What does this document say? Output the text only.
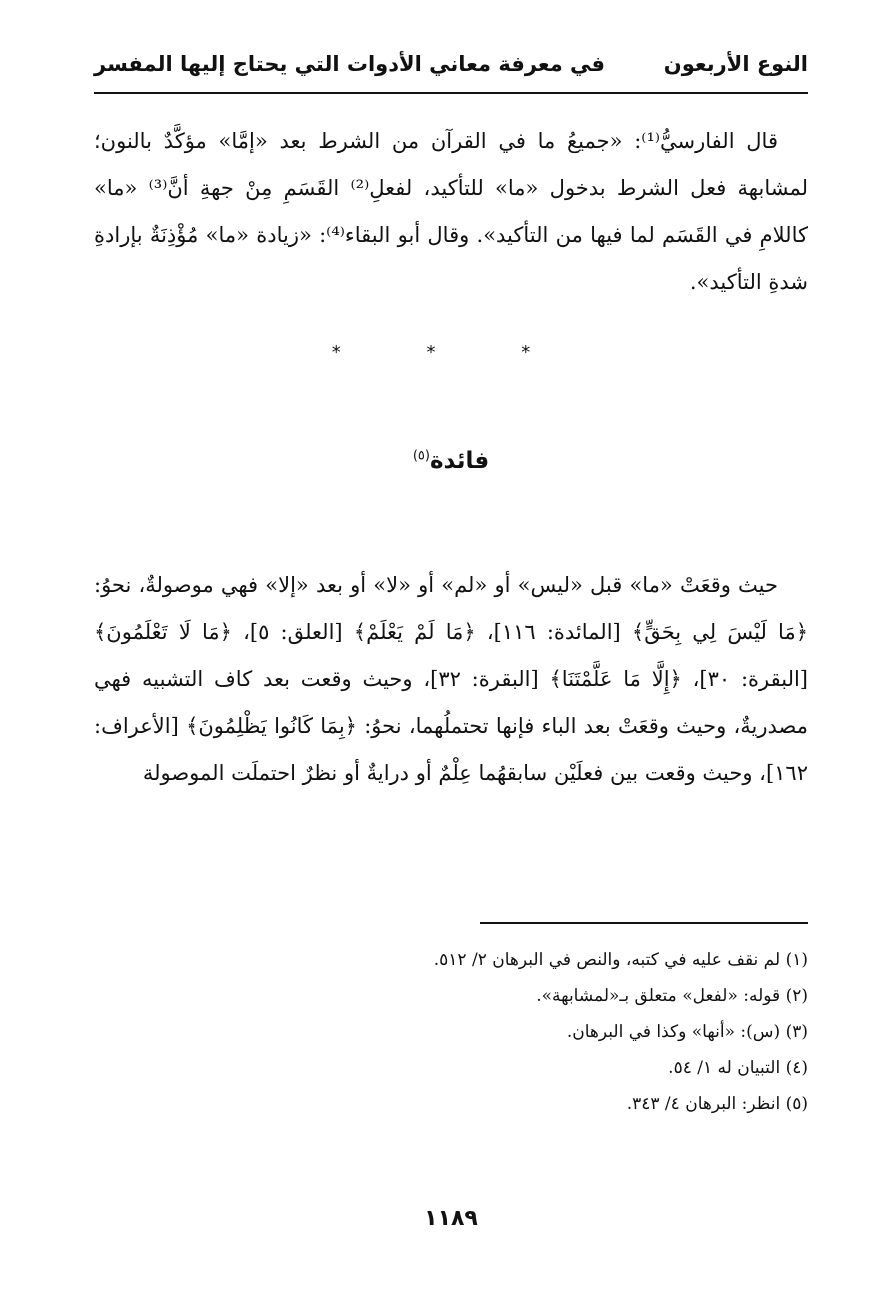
النوع الأربعون
في معرفة معاني الأدوات التي يحتاج إليها المفسر

قال الفارسيُّ⁽¹⁾: «جميعُ ما في القرآن من الشرط بعد «إمَّا» مؤكَّدٌ بالنون؛ لمشابهة فعل الشرط بدخول «ما» للتأكيد، لفعلِ⁽²⁾ القَسَمِ مِنْ جهةِ أنَّ⁽³⁾ «ما» كاللامِ في القَسَم لما فيها من التأكيد». وقال أبو البقاء⁽⁴⁾: «زيادة «ما» مُؤْذِنَةٌ بإرادةِ شدةِ التأكيد».

* * *
فائدة$^{(٥)}$

حيث وقعَتْ «ما» قبل «ليس» أو «لم» أو «لا» أو بعد «إلا» فهي موصولةٌ، نحوُ: ﴿مَا لَيْسَ لِي بِحَقٍّ﴾ [المائدة: ١١٦]، ﴿مَا لَمْ يَعْلَمْ﴾ [العلق: ٥]، ﴿مَا لَا تَعْلَمُونَ﴾ [البقرة: ٣٠]، ﴿إِلَّا مَا عَلَّمْتَنَا﴾ [البقرة: ٣٢]، وحيث وقعت بعد كاف التشبيه فهي مصدريةٌ، وحيث وقعَتْ بعد الباء فإنها تحتملُهما، نحوُ: ﴿بِمَا كَانُوا يَظْلِمُونَ﴾ [الأعراف: ١٦٢]، وحيث وقعت بين فعلَيْن سابقهُما عِلْمٌ أو درايةٌ أو نظرٌ احتملَت الموصولة

(١) لم نقف عليه في كتبه، والنص في البرهان ٢/ ٥١٢.
(٢) قوله: «لفعل» متعلق بـ«لمشابهة».
(٣) (س): «أنها» وكذا في البرهان.
(٤) التبيان له ١/ ٥٤.
(٥) انظر: البرهان ٤/ ٣٤٣.
١١٨٩
